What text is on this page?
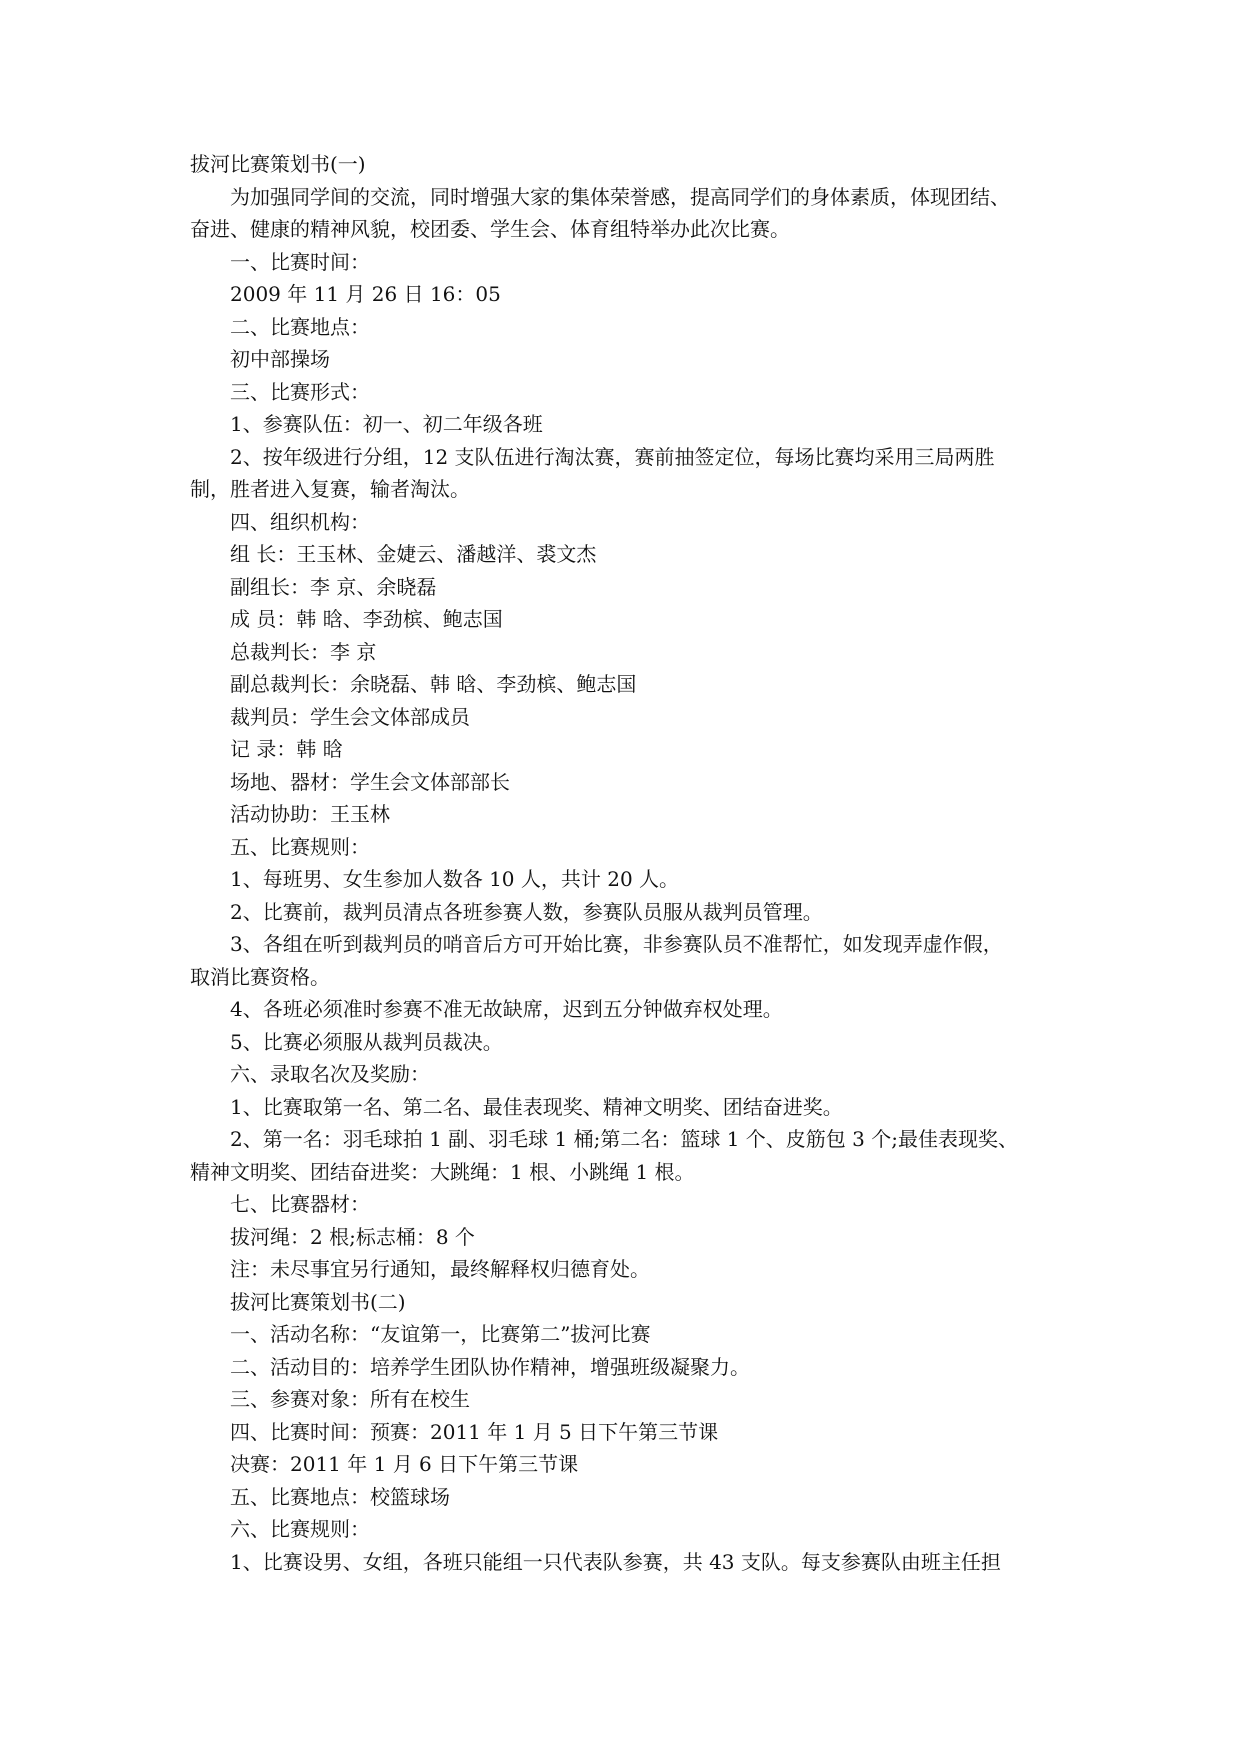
拔河比赛策划书(一)

为加强同学间的交流，同时增强大家的集体荣誉感，提高同学们的身体素质，体现团结、

奋进、健康的精神风貌，校团委、学生会、体育组特举办此次比赛。

一、比赛时间：

2009 年 11 月 26 日 16：05

二、比赛地点：

初中部操场

三、比赛形式：

1、参赛队伍：初一、初二年级各班

2、按年级进行分组，12 支队伍进行淘汰赛，赛前抽签定位，每场比赛均采用三局两胜

制，胜者进入复赛，输者淘汰。

四、组织机构：

组 长：王玉林、金婕云、潘越洋、裘文杰

副组长：李 京、余晓磊

成 员：韩 晗、李劲槟、鲍志国

总裁判长：李 京

副总裁判长：余晓磊、韩 晗、李劲槟、鲍志国

裁判员：学生会文体部成员

记 录：韩 晗

场地、器材：学生会文体部部长

活动协助：王玉林

五、比赛规则：

1、每班男、女生参加人数各 10 人，共计 20 人。

2、比赛前，裁判员清点各班参赛人数，参赛队员服从裁判员管理。

3、各组在听到裁判员的哨音后方可开始比赛，非参赛队员不准帮忙，如发现弄虚作假，

取消比赛资格。

4、各班必须准时参赛不准无故缺席，迟到五分钟做弃权处理。

5、比赛必须服从裁判员裁决。

六、录取名次及奖励：

1、比赛取第一名、第二名、最佳表现奖、精神文明奖、团结奋进奖。

2、第一名：羽毛球拍 1 副、羽毛球 1 桶;第二名：篮球 1 个、皮筋包 3 个;最佳表现奖、

精神文明奖、团结奋进奖：大跳绳：1 根、小跳绳 1 根。

七、比赛器材：

拔河绳：2 根;标志桶：8 个

注：未尽事宜另行通知，最终解释权归德育处。

拔河比赛策划书(二)

一、活动名称：“友谊第一，比赛第二”拔河比赛

二、活动目的：培养学生团队协作精神，增强班级凝聚力。

三、参赛对象：所有在校生

四、比赛时间：预赛：2011 年 1 月 5 日下午第三节课

决赛：2011 年 1 月 6 日下午第三节课

五、比赛地点：校篮球场

六、比赛规则：

1、比赛设男、女组，各班只能组一只代表队参赛，共 43 支队。每支参赛队由班主任担
